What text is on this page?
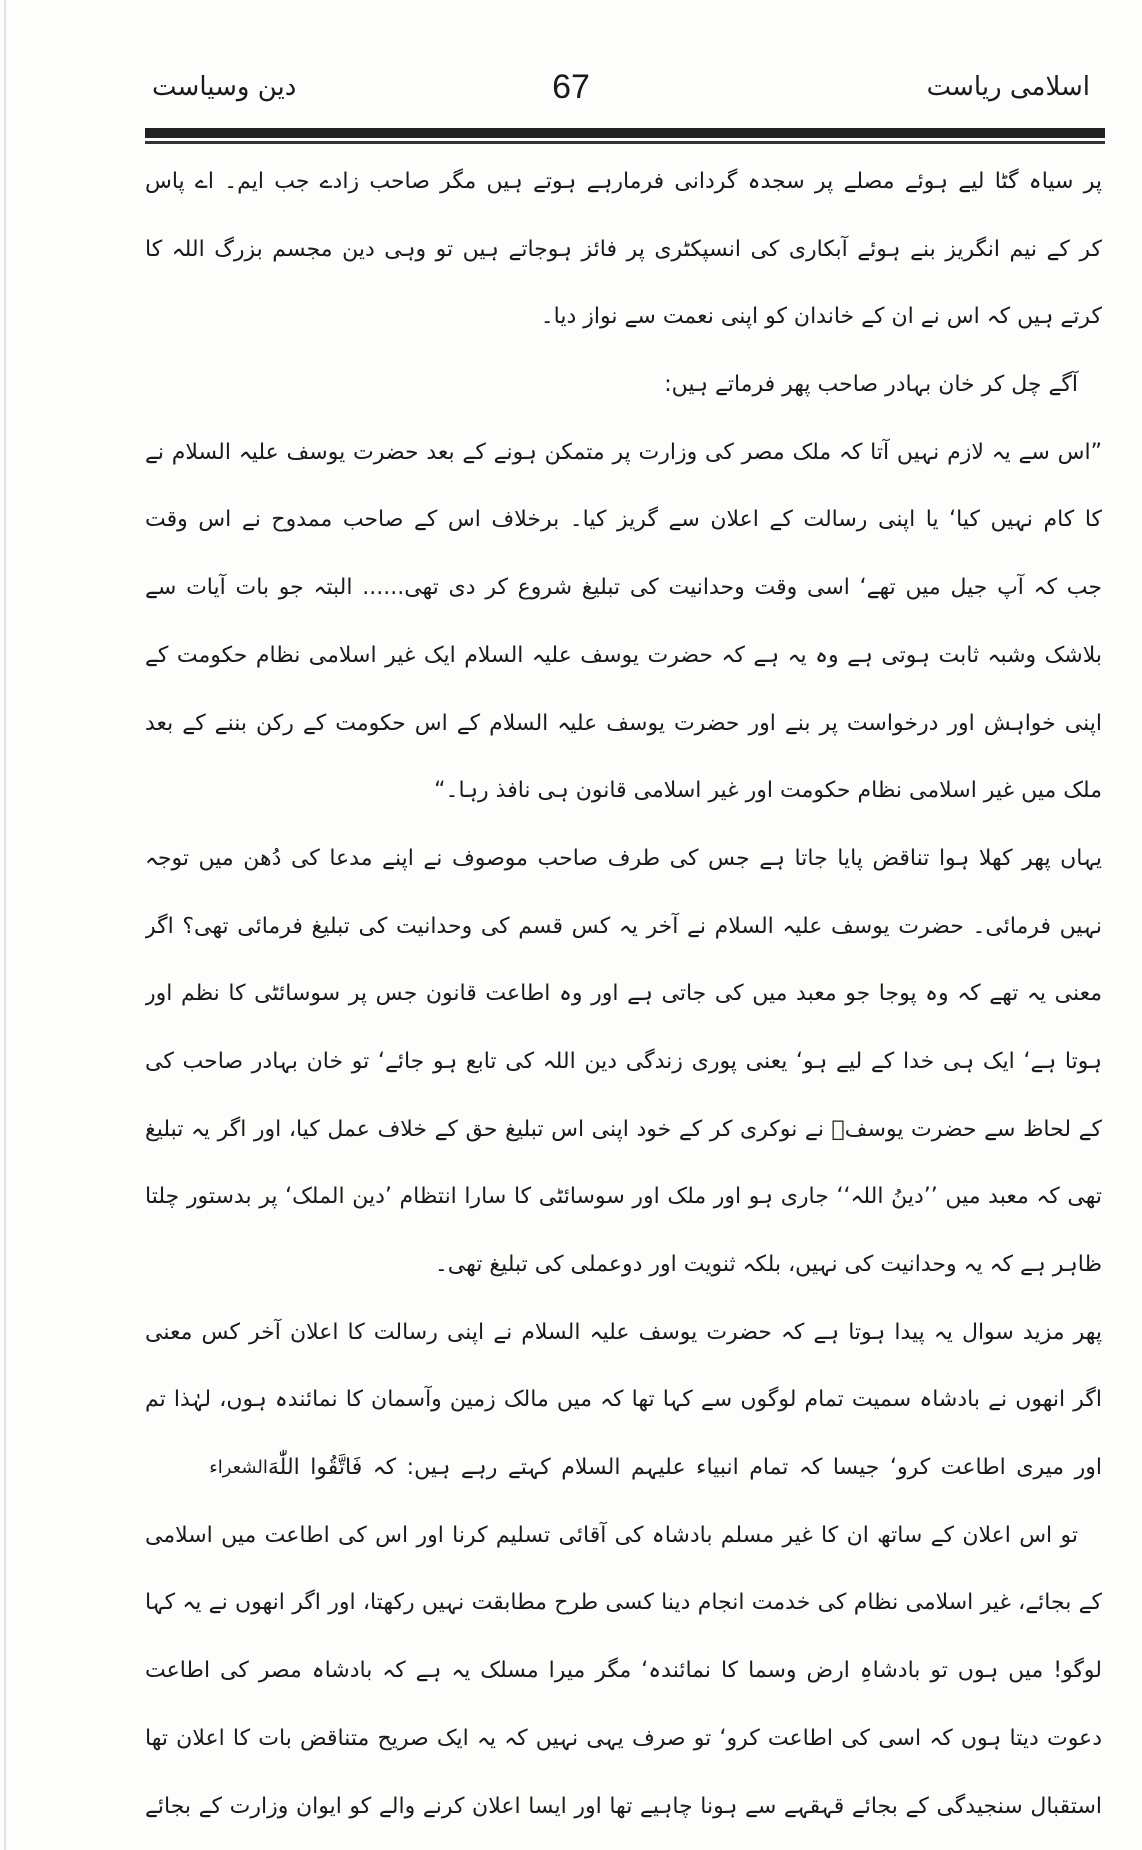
اسلامی ریاست
67
دین وسیاست
پر سیاہ گٹا لیے ہوئے مصلے پر سجدہ گردانی فرمارہے ہوتے ہیں مگر صاحب زادے جب ایم۔ اے پاس
کر کے نیم انگریز بنے ہوئے آبکاری کی انسپکٹری پر فائز ہوجاتے ہیں تو وہی دین مجسم بزرگ اللہ کا
کرتے ہیں کہ اس نے ان کے خاندان کو اپنی نعمت سے نواز دیا۔
آگے چل کر خان بہادر صاحب پھر فرماتے ہیں:
”اس سے یہ لازم نہیں آتا کہ ملک مصر کی وزارت پر متمکن ہونے کے بعد حضرت یوسف علیہ السلام نے
کا کام نہیں کیا‘ یا اپنی رسالت کے اعلان سے گریز کیا۔ برخلاف اس کے صاحب ممدوح نے اس وقت
جب کہ آپ جیل میں تھے‘ اسی وقت وحدانیت کی تبلیغ شروع کر دی تھی...... البتہ جو بات آیات سے
بلاشک وشبہ ثابت ہوتی ہے وہ یہ ہے کہ حضرت یوسف علیہ السلام ایک غیر اسلامی نظام حکومت کے
اپنی خواہش اور درخواست پر بنے اور حضرت یوسف علیہ السلام کے اس حکومت کے رکن بننے کے بعد
ملک میں غیر اسلامی نظام حکومت اور غیر اسلامی قانون ہی نافذ رہا۔“
یہاں پھر کھلا ہوا تناقض پایا جاتا ہے جس کی طرف صاحب موصوف نے اپنے مدعا کی دُھن میں توجہ
نہیں فرمائی۔ حضرت یوسف علیہ السلام نے آخر یہ کس قسم کی وحدانیت کی تبلیغ فرمائی تھی؟ اگر
معنی یہ تھے کہ وہ پوجا جو معبد میں کی جاتی ہے اور وہ اطاعت قانون جس پر سوسائٹی کا نظم اور
ہوتا ہے‘ ایک ہی خدا کے لیے ہو‘ یعنی پوری زندگی دین اللہ کی تابع ہو جائے‘ تو خان بہادر صاحب کی
کے لحاظ سے حضرت یوسفؑ نے نوکری کر کے خود اپنی اس تبلیغ حق کے خلاف عمل کیا، اور اگر یہ تبلیغ
تھی کہ معبد میں ’’دینُ اللہ‘‘ جاری ہو اور ملک اور سوسائٹی کا سارا انتظام ’دین الملک‘ پر بدستور چلتا
ظاہر ہے کہ یہ وحدانیت کی نہیں، بلکہ ثنویت اور دوعملی کی تبلیغ تھی۔
پھر مزید سوال یہ پیدا ہوتا ہے کہ حضرت یوسف علیہ السلام نے اپنی رسالت کا اعلان آخر کس معنی
اگر انھوں نے بادشاہ سمیت تمام لوگوں سے کہا تھا کہ میں مالک زمین وآسمان کا نمائندہ ہوں، لہٰذا تم
اور میری اطاعت کرو‘ جیسا کہ تمام انبیاء علیہم السلام کہتے رہے ہیں: کہ فَاتَّقُوا اللّٰهَ
الشعراء
تو اس اعلان کے ساتھ ان کا غیر مسلم بادشاہ کی آقائی تسلیم کرنا اور اس کی اطاعت میں اسلامی
کے بجائے، غیر اسلامی نظام کی خدمت انجام دینا کسی طرح مطابقت نہیں رکھتا، اور اگر انھوں نے یہ کہا
لوگو! میں ہوں تو بادشاہِ ارض وسما کا نمائندہ‘ مگر میرا مسلک یہ ہے کہ بادشاہ مصر کی اطاعت
دعوت دیتا ہوں کہ اسی کی اطاعت کرو‘ تو صرف یہی نہیں کہ یہ ایک صریح متناقض بات کا اعلان تھا
استقبال سنجیدگی کے بجائے قہقہے سے ہونا چاہیے تھا اور ایسا اعلان کرنے والے کو ایوان وزارت کے بجائے
